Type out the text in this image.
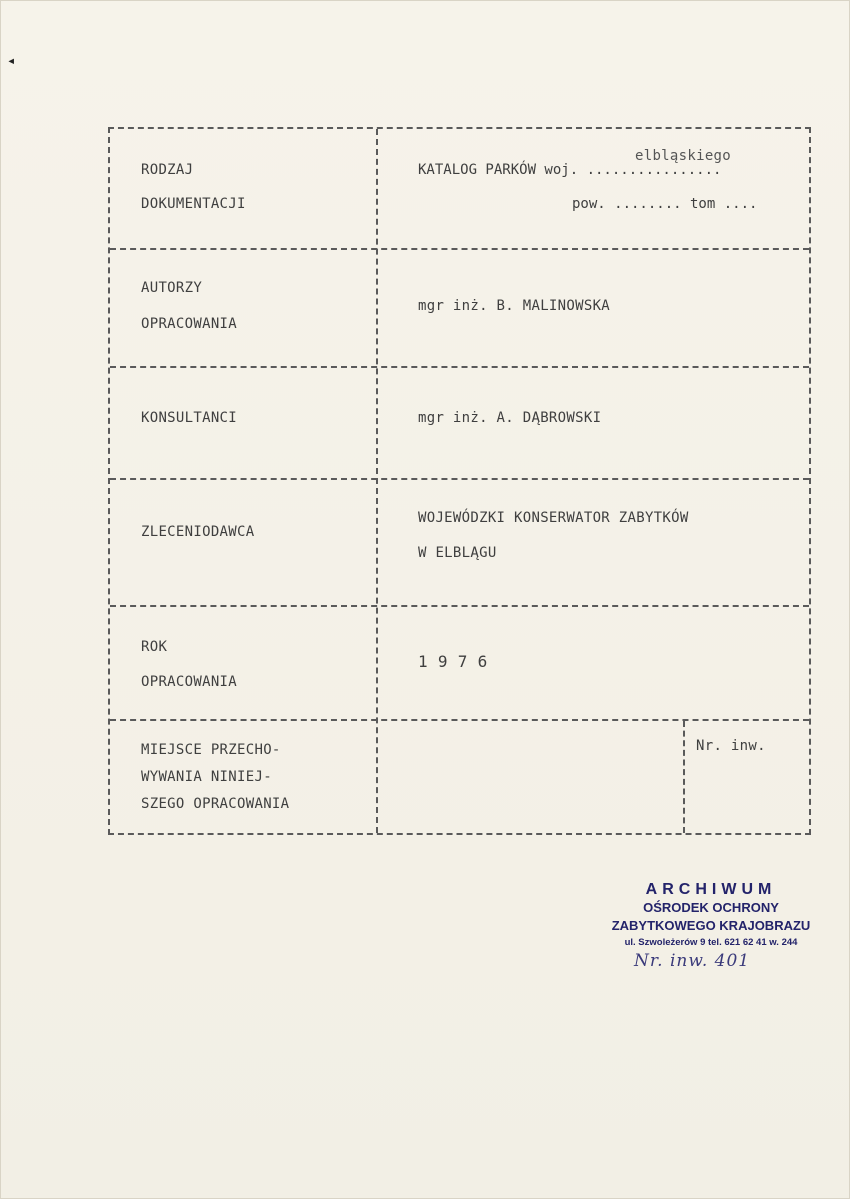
◂
RODZAJ
DOKUMENTACJI
elbląskiego
KATALOG PARKÓW woj. ................
pow. ........ tom ....
AUTORZY
OPRACOWANIA
mgr inż. B. MALINOWSKA
KONSULTANCI	mgr inż. A. DĄBROWSKI
ZLECENIODAWCA
WOJEWÓDZKI KONSERWATOR ZABYTKÓW
W ELBLĄGU
ROK
OPRACOWANIA
1 9 7 6
MIEJSCE PRZECHO-
WYWANIA NINIEJ-
SZEGO OPRACOWANIA
Nr. inw.
ARCHIWUM
OŚRODEK OCHRONY
ZABYTKOWEGO KRAJOBRAZU
ul. Szwoleżerów 9 tel. 621 62 41 w. 244
Nr. inw. 401
